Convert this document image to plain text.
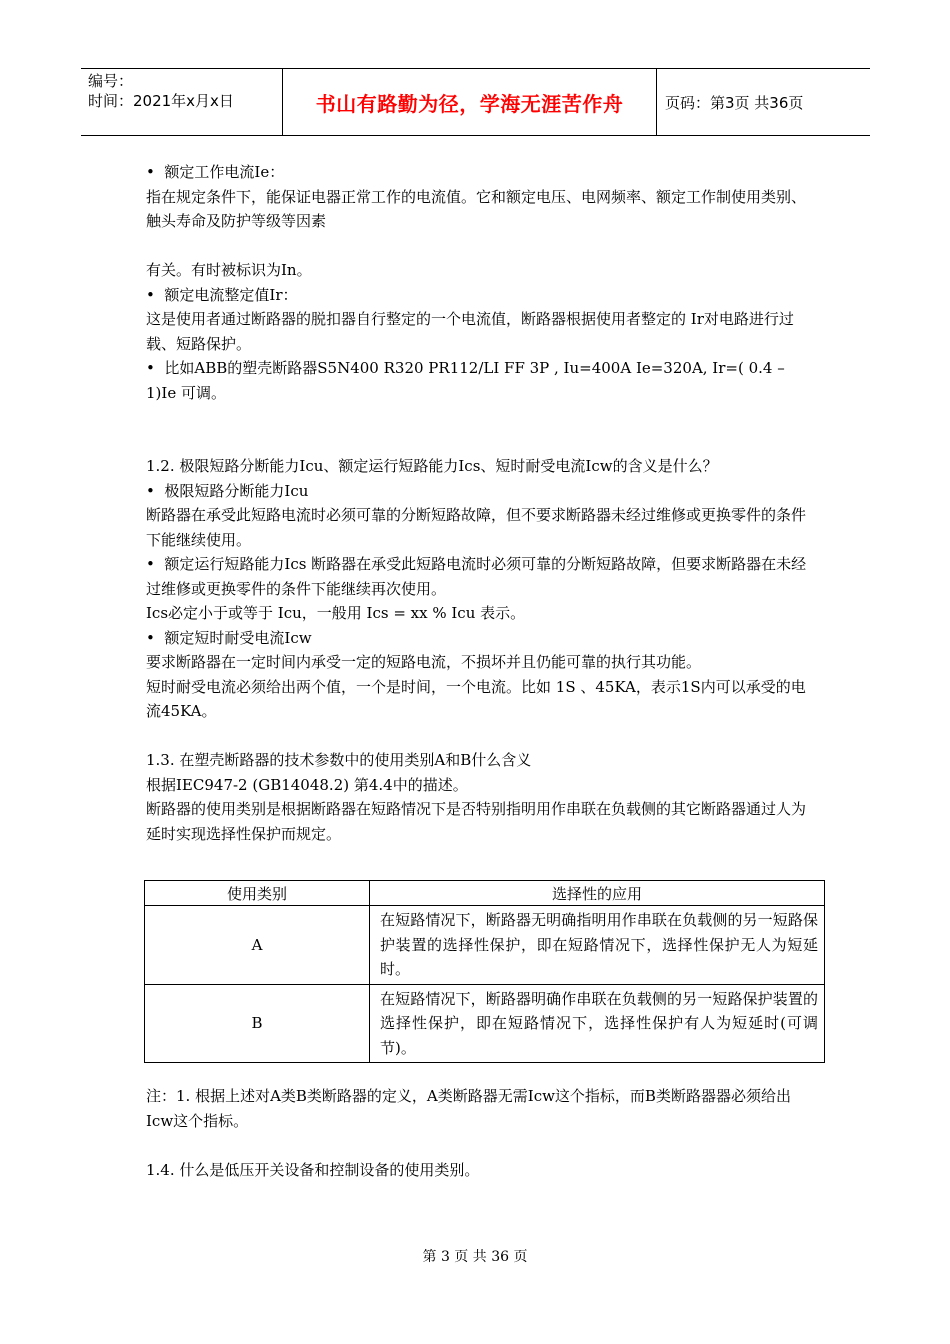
编号：
时间：2021年x月x日	书山有路勤为径，学海无涯苦作舟	页码：第3页 共36页

•  额定工作电流Ie：

指在规定条件下，能保证电器正常工作的电流值。它和额定电压、电网频率、额定工作制使用类别、触头寿命及防护等级等因素

有关。有时被标识为In。

•  额定电流整定值Ir：

这是使用者通过断路器的脱扣器自行整定的一个电流值，断路器根据使用者整定的 Ir对电路进行过载、短路保护。

•  比如ABB的塑壳断路器S5N400 R320 PR112/LI FF 3P , Iu=400A Ie=320A, Ir=( 0.4 – 1)Ie 可调。

1.2. 极限短路分断能力Icu、额定运行短路能力Ics、短时耐受电流Icw的含义是什么？

•  极限短路分断能力Icu

断路器在承受此短路电流时必须可靠的分断短路故障，但不要求断路器未经过维修或更换零件的条件下能继续使用。

•  额定运行短路能力Ics 断路器在承受此短路电流时必须可靠的分断短路故障，但要求断路器在未经过维修或更换零件的条件下能继续再次使用。

Ics必定小于或等于 Icu，一般用 Ics = xx % Icu 表示。

•  额定短时耐受电流Icw

要求断路器在一定时间内承受一定的短路电流，不损坏并且仍能可靠的执行其功能。

短时耐受电流必须给出两个值，一个是时间，一个电流。比如 1S 、45KA，表示1S内可以承受的电流45KA。

1.3. 在塑壳断路器的技术参数中的使用类别A和B什么含义

根据IEC947-2 (GB14048.2) 第4.4中的描述。

断路器的使用类别是根据断路器在短路情况下是否特别指明用作串联在负载侧的其它断路器通过人为延时实现选择性保护而规定。

使用类别	选择性的应用
A	在短路情况下，断路器无明确指明用作串联在负载侧的另一短路保护装置的选择性保护，即在短路情况下，选择性保护无人为短延时。
B	在短路情况下，断路器明确作串联在负载侧的另一短路保护装置的选择性保护，即在短路情况下，选择性保护有人为短延时(可调节)。

注：1. 根据上述对A类B类断路器的定义，A类断路器无需Icw这个指标，而B类断路器器必须给出Icw这个指标。

1.4. 什么是低压开关设备和控制设备的使用类别。

第 3 页 共 36 页
